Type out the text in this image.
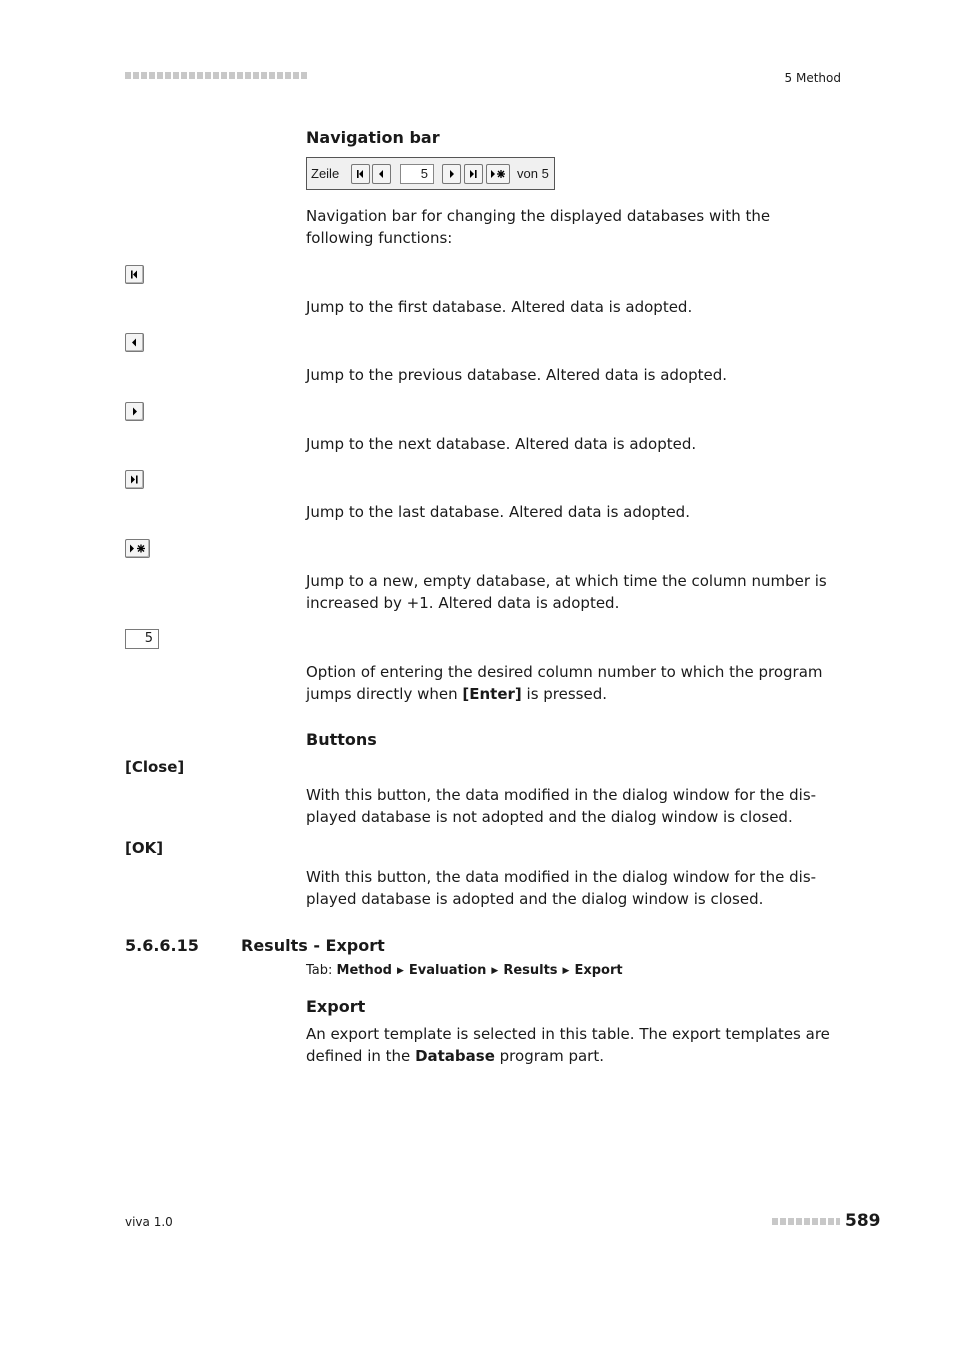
5 Method
Navigation bar
Zeile	5	von 5
Navigation bar for changing the displayed databases with the following functions:
Jump to the first database. Altered data is adopted.
Jump to the previous database. Altered data is adopted.
Jump to the next database. Altered data is adopted.
Jump to the last database. Altered data is adopted.
Jump to a new, empty database, at which time the column number is increased by +1. Altered data is adopted.
5
Option of entering the desired column number to which the program jumps directly when [Enter] is pressed.
Buttons
[Close]
With this button, the data modified in the dialog window for the dis-played database is not adopted and the dialog window is closed.
[OK]
With this button, the data modified in the dialog window for the dis-played database is adopted and the dialog window is closed.
5.6.6.15	Results - Export
Tab: Method ▶ Evaluation ▶ Results ▶ Export
Export
An export template is selected in this table. The export templates are defined in the Database program part.
viva 1.0	589
